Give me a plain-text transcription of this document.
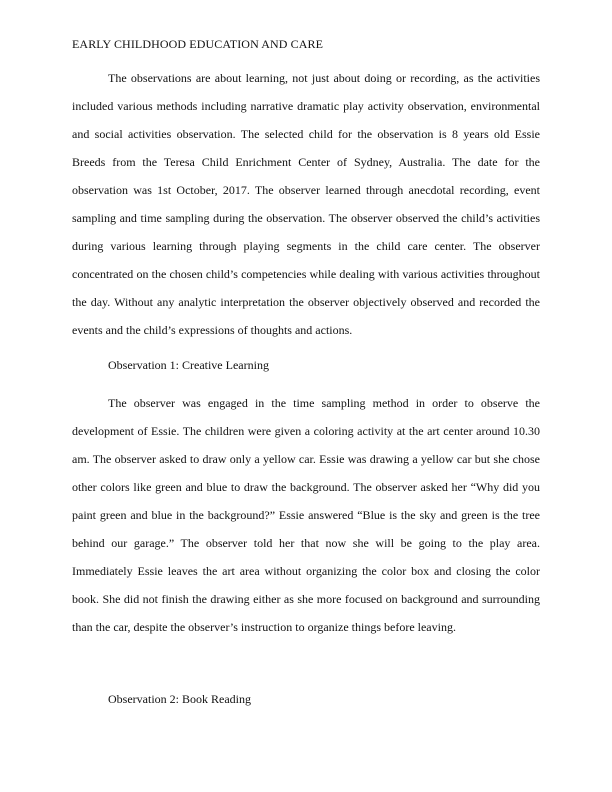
EARLY CHILDHOOD EDUCATION AND CARE

The observations are about learning, not just about doing or recording, as the activities included various methods including narrative dramatic play activity observation, environmental and social activities observation. The selected child for the observation is 8 years old Essie Breeds from the Teresa Child Enrichment Center of Sydney, Australia. The date for the observation was 1st October, 2017. The observer learned through anecdotal recording, event sampling and time sampling during the observation. The observer observed the child’s activities during various learning through playing segments in the child care center. The observer concentrated on the chosen child’s competencies while dealing with various activities throughout the day. Without any analytic interpretation the observer objectively observed and recorded the events and the child’s expressions of thoughts and actions.

Observation 1: Creative Learning

The observer was engaged in the time sampling method in order to observe the development of Essie. The children were given a coloring activity at the art center around 10.30 am. The observer asked to draw only a yellow car. Essie was drawing a yellow car but she chose other colors like green and blue to draw the background. The observer asked her “Why did you paint green and blue in the background?” Essie answered “Blue is the sky and green is the tree behind our garage.” The observer told her that now she will be going to the play area. Immediately Essie leaves the art area without organizing the color box and closing the color book. She did not finish the drawing either as she more focused on background and surrounding than the car, despite the observer’s instruction to organize things before leaving.

Observation 2: Book Reading
